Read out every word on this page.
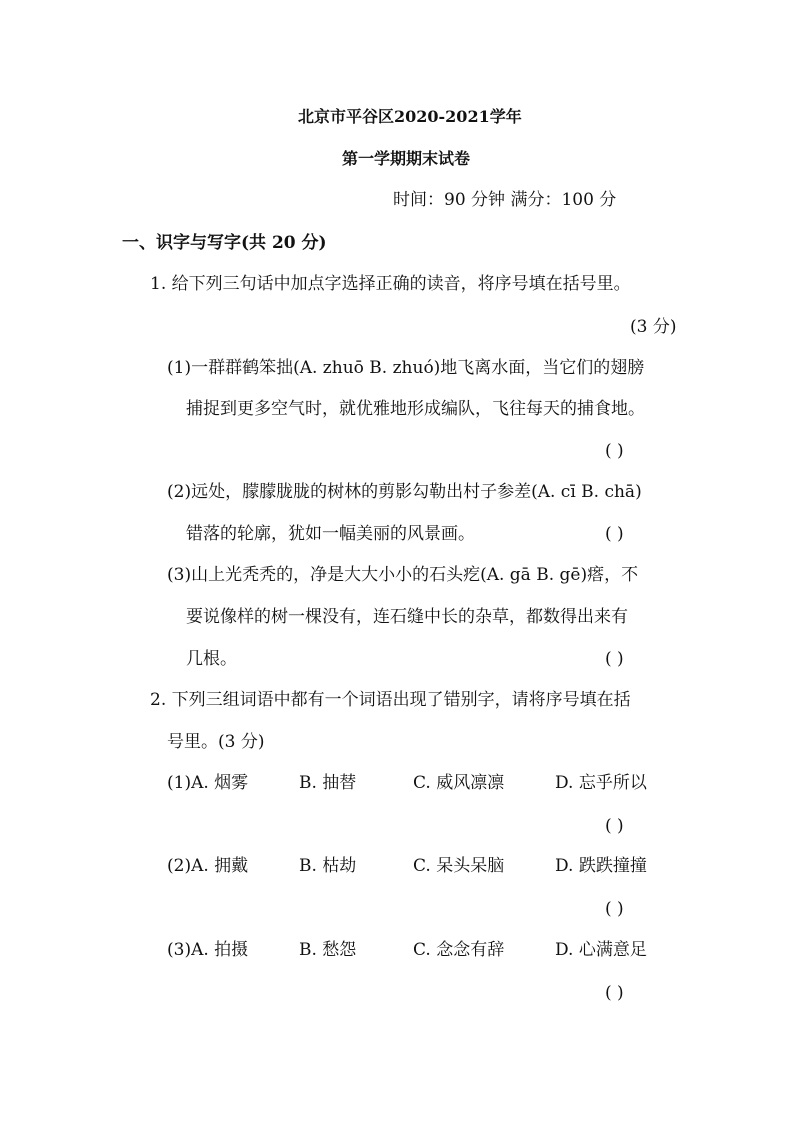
北京市平谷区2020-2021学年
第一学期期末试卷
时间：90 分钟 满分：100 分
一、识字与写字(共 20 分)
1. 给下列三句话中加点字选择正确的读音，将序号填在括号里。
(3 分)
(1)一群群鹤笨拙(A. zhuō B. zhuó)地飞离水面，当它们的翅膀
捕捉到更多空气时，就优雅地形成编队，飞往每天的捕食地。
( )
(2)远处，朦朦胧胧的树林的剪影勾勒出村子参差(A. cī B. chā)
错落的轮廓，犹如一幅美丽的风景画。	( )
(3)山上光秃秃的，净是大大小小的石头疙(A. gā B. gē)瘩，不
要说像样的树一棵没有，连石缝中长的杂草，都数得出来有
几根。	( )
2. 下列三组词语中都有一个词语出现了错别字，请将序号填在括
号里。(3 分)
(1)A. 烟雾	B. 抽替	C. 威风凛凛	D. 忘乎所以
( )
(2)A. 拥戴	B. 枯劫	C. 呆头呆脑	D. 跌跌撞撞
( )
(3)A. 拍摄	B. 愁怨	C. 念念有辞	D. 心满意足
( )
